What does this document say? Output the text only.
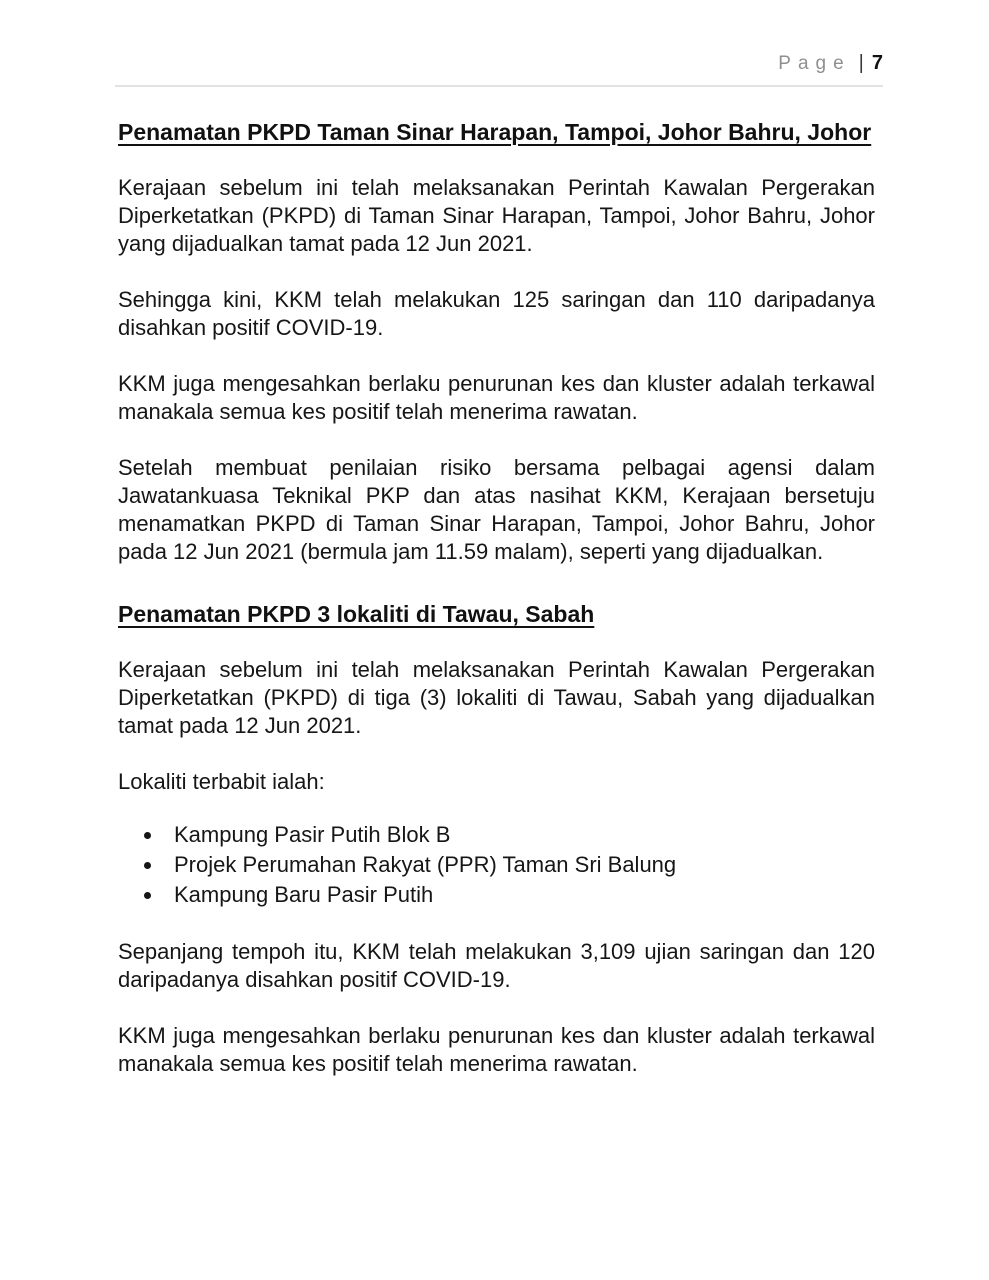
Page | 7
Penamatan PKPD Taman Sinar Harapan, Tampoi, Johor Bahru, Johor

Kerajaan sebelum ini telah melaksanakan Perintah Kawalan Pergerakan Diperketatkan (PKPD) di Taman Sinar Harapan, Tampoi, Johor Bahru, Johor yang dijadualkan tamat pada 12 Jun 2021.

Sehingga kini, KKM telah melakukan 125 saringan dan 110 daripadanya disahkan positif COVID-19.

KKM juga mengesahkan berlaku penurunan kes dan kluster adalah terkawal manakala semua kes positif telah menerima rawatan.

Setelah membuat penilaian risiko bersama pelbagai agensi dalam Jawatankuasa Teknikal PKP dan atas nasihat KKM, Kerajaan bersetuju menamatkan PKPD di Taman Sinar Harapan, Tampoi, Johor Bahru, Johor pada 12 Jun 2021 (bermula jam 11.59 malam), seperti yang dijadualkan.

Penamatan PKPD 3 lokaliti di Tawau, Sabah

Kerajaan sebelum ini telah melaksanakan Perintah Kawalan Pergerakan Diperketatkan (PKPD) di tiga (3) lokaliti di Tawau, Sabah yang dijadualkan tamat pada 12 Jun 2021.

Lokaliti terbabit ialah:

• Kampung Pasir Putih Blok B
• Projek Perumahan Rakyat (PPR) Taman Sri Balung
• Kampung Baru Pasir Putih

Sepanjang tempoh itu, KKM telah melakukan 3,109 ujian saringan dan 120 daripadanya disahkan positif COVID-19.

KKM juga mengesahkan berlaku penurunan kes dan kluster adalah terkawal manakala semua kes positif telah menerima rawatan.
